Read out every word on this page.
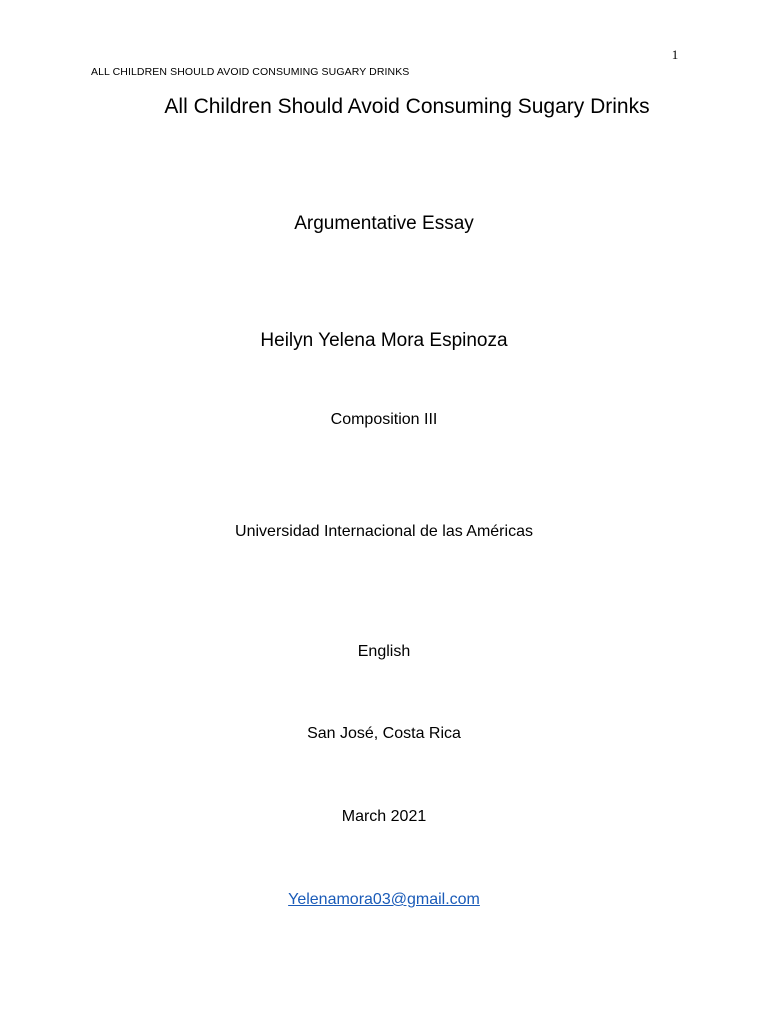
1
ALL CHILDREN SHOULD AVOID CONSUMING SUGARY DRINKS
All Children Should Avoid Consuming Sugary Drinks
Argumentative Essay
Heilyn Yelena Mora Espinoza
Composition III
Universidad Internacional de las Américas
English
San José, Costa Rica
March 2021
Yelenamora03@gmail.com
